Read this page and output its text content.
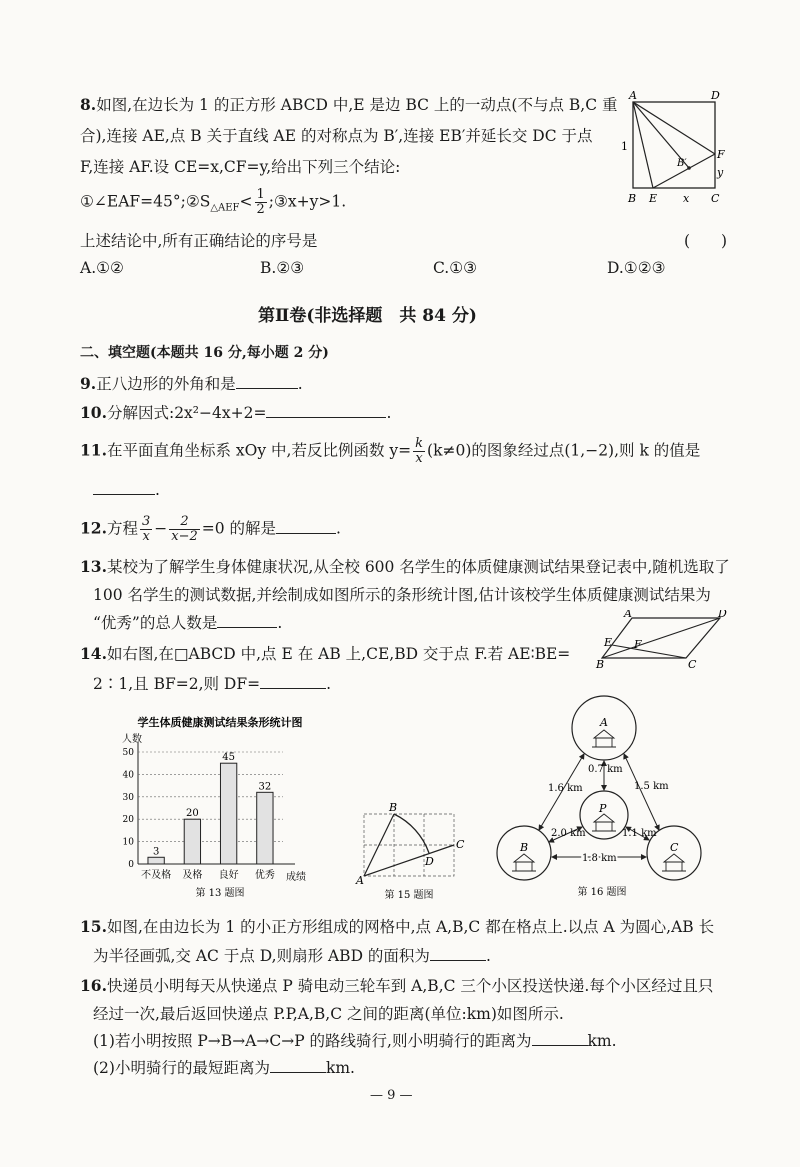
8.如图,在边长为 1 的正方形 ABCD 中,E 是边 BC 上的一动点(不与点 B,C 重
合),连接 AE,点 B 关于直线 AE 的对称点为 B′,连接 EB′并延长交 DC 于点
F,连接 AF.设 CE=x,CF=y,给出下列三个结论:
$①\angle EAF=45^\circ;②S_{\triangle AEF}< \frac{1}{2}$ ;③x+y>1.
上述结论中,所有正确结论的序号是	(　　)
A.①②	B.②③	C.①③	D.①②③
A	D
B E x C
F
y
1
B′
第Ⅱ卷(非选择题　共 84 分)
二、填空题(本题共 16 分,每小题 2 分)
9.正八边形的外角和是	.
10.分解因式:2x²−4x+2=	.
11.在平面直角坐标系 xOy 中,若反比例函数 $y= \frac{k}{x} (k\ne 0)$的图象经过点(1,−2),则 k 的值是
.
12.方程 $\frac{3}{x} - \frac{2}{x-2} =0$ 的解是	.
13.某校为了解学生身体健康状况,从全校 600 名学生的体质健康测试结果登记表中,随机选取了
100 名学生的测试数据,并绘制成如图所示的条形统计图,估计该校学生体质健康测试结果为
“优秀”的总人数是	.
14.如右图,在□ABCD 中,点 E 在 AB 上,CE,BD 交于点 F.若 AE∶BE=
2∶1,且 BF=2,则 DF=	.
A	D
E F
B	C
学生体质健康测试结果条形统计图
人数
成绩
第 13 题图
0
10
20
30
40
50
3
不及格
20
及格
45
良好
32
优秀	A
B
C
D
第 15 题图
A
P
B	C
0.7 km
1.6 km	1.5 km
2.0 km	1.1 km
1.8 km
第 16 题图
15.如图,在由边长为 1 的小正方形组成的网格中,点 A,B,C 都在格点上.以点 A 为圆心,AB 长
为半径画弧,交 AC 于点 D,则扇形 ABD 的面积为	.
16.快递员小明每天从快递点 P 骑电动三轮车到 A,B,C 三个小区投送快递.每个小区经过且只
经过一次,最后返回快递点 P.P,A,B,C 之间的距离(单位:km)如图所示.
(1)若小明按照 P→B→A→C→P 的路线骑行,则小明骑行的距离为	km.
(2)小明骑行的最短距离为	km.
— 9 —
